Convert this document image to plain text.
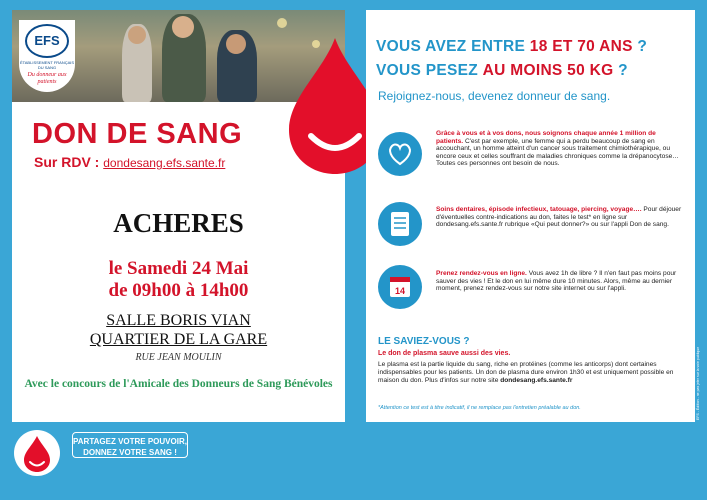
EFS
ÉTABLISSEMENT FRANÇAIS DU SANG
Du donneur aux patients
DON DE SANG
Sur RDV : dondesang.efs.sante.fr
ACHERES
le Samedi 24 Mai
de 09h00 à 14h00
SALLE BORIS VIAN
QUARTIER DE LA GARE
RUE JEAN MOULIN
Avec le concours de l'Amicale des Donneurs de Sang Bénévoles
PARTAGEZ VOTRE POUVOIR,
DONNEZ VOTRE SANG !
VOUS AVEZ ENTRE 18 ET 70 ANS ?
VOUS PESEZ AU MOINS 50 KG ?
Rejoignez-nous, devenez donneur de sang.
Grâce à vous et à vos dons, nous soignons chaque année 1 million de patients. C'est par exemple, une femme qui a perdu beaucoup de sang en accouchant, un homme atteint d'un cancer sous traitement chimiothérapique, ou encore ceux et celles souffrant de maladies chroniques comme la drépanocytose… Toutes ces personnes ont besoin de nous.
Soins dentaires, épisode infectieux, tatouage, piercing, voyage…. Pour déjouer d'éventuelles contre-indications au don, faites le test* en ligne sur dondesang.efs.sante.fr rubrique «Qui peut donner?» ou sur l'appli Don de sang.
14
Prenez rendez-vous en ligne. Vous avez 1h de libre ? Il n'en faut pas moins pour sauver des vies ! Et le don en lui même dure 10 minutes. Alors, même au dernier moment, prenez rendez-vous sur notre site internet ou sur l'appli.
LE SAVIEZ-VOUS ?
Le don de plasma sauve aussi des vies.
Le plasma est la partie liquide du sang, riche en protéines (comme les anticorps) dont certaines indispensables pour les patients. Un don de plasma dure environ 1h30 et est uniquement possible en maison du don. Plus d'infos sur notre site dondesang.efs.sante.fr
*Attention ce test est à titre indicatif, il ne remplace pas l'entretien préalable au don.	EFS - Édition - ne pas jeter sur la voie publique
